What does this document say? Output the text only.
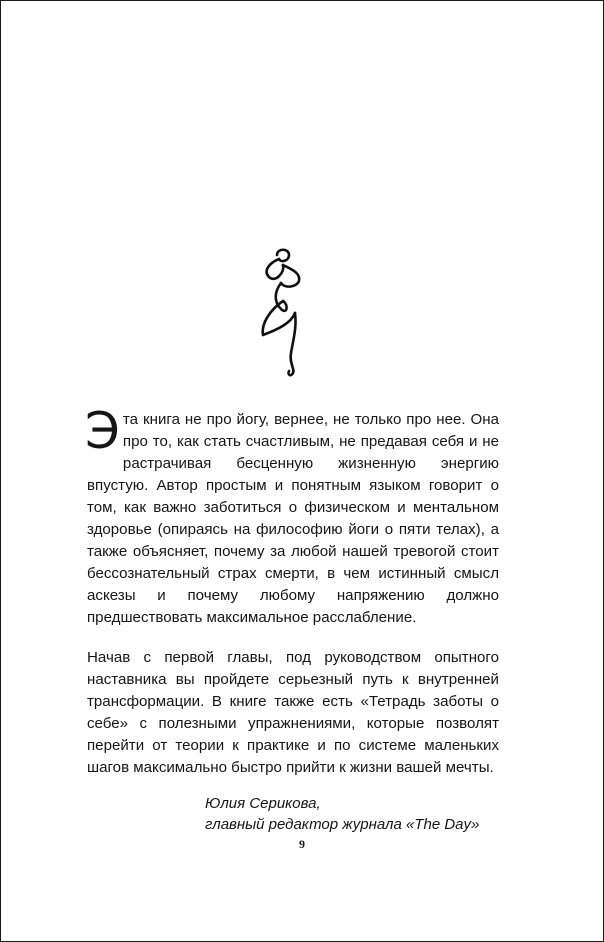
Эта книга не про йогу, вернее, не только про нее. Она про то, как стать счастливым, не предавая себя и не растрачивая бесценную жизненную энергию впустую. Автор простым и понятным языком говорит о том, как важно заботиться о физическом и ментальном здоровье (опираясь на философию йоги о пяти телах), а также объясняет, почему за любой нашей тревогой стоит бессознательный страх смерти, в чем истинный смысл аскезы и почему любому напряжению должно предшествовать максимальное расслабление.

Начав с первой главы, под руководством опытного наставника вы пройдете серьезный путь к внутренней трансформации. В книге также есть «Тетрадь заботы о себе» с полезными упражнениями, которые позволят перейти от теории к практике и по системе маленьких шагов максимально быстро прийти к жизни вашей мечты.

Юлия Серикова,
главный редактор журнала «The Day»
9
